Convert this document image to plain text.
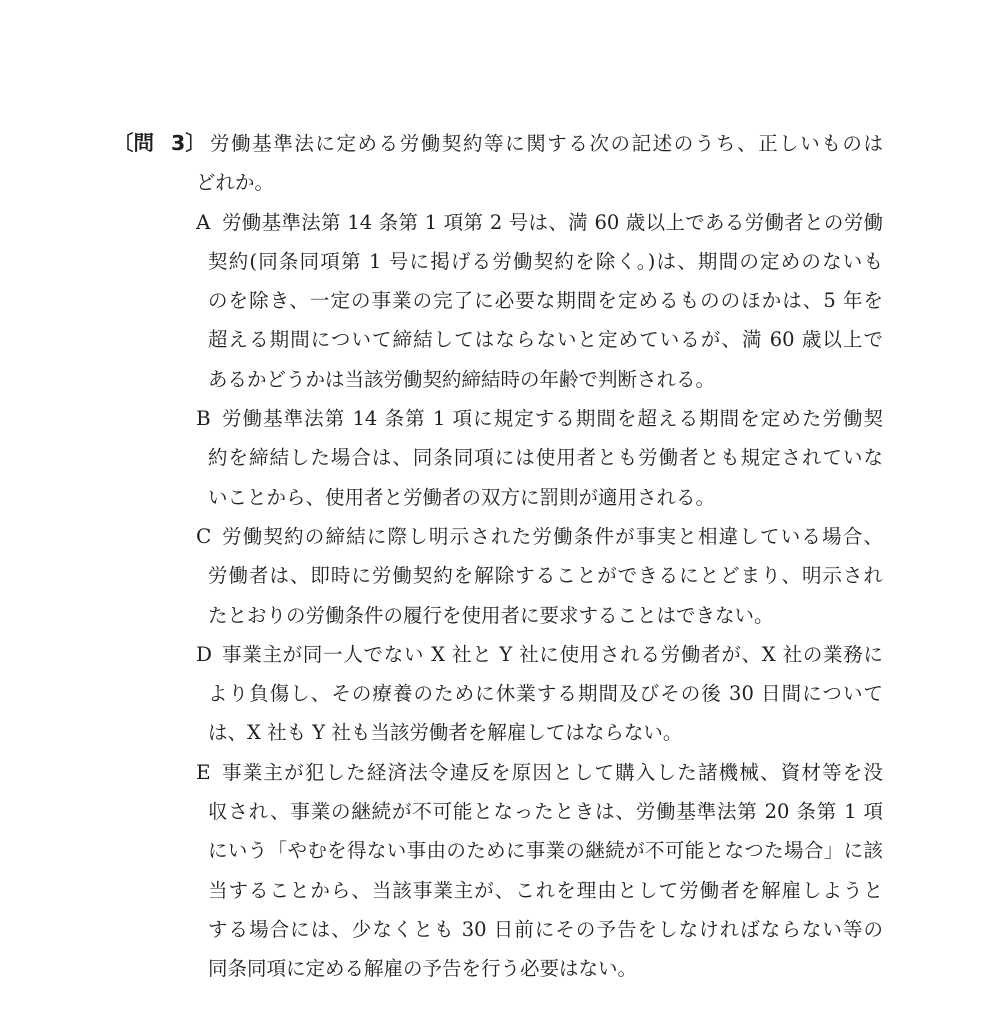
〔問 3〕 労働基準法に定める労働契約等に関する次の記述のうち、正しいものは
どれか。
A 労働基準法第 14 条第 1 項第 2 号は、満 60 歳以上である労働者との労働
契約(同条同項第 1 号に掲げる労働契約を除く。)は、期間の定めのないも
のを除き、一定の事業の完了に必要な期間を定めるもののほかは、5 年を
超える期間について締結してはならないと定めているが、満 60 歳以上で
あるかどうかは当該労働契約締結時の年齢で判断される。
B 労働基準法第 14 条第 1 項に規定する期間を超える期間を定めた労働契
約を締結した場合は、同条同項には使用者とも労働者とも規定されていな
いことから、使用者と労働者の双方に罰則が適用される。
C 労働契約の締結に際し明示された労働条件が事実と相違している場合、
労働者は、即時に労働契約を解除することができるにとどまり、明示され
たとおりの労働条件の履行を使用者に要求することはできない。
D 事業主が同一人でない X 社と Y 社に使用される労働者が、X 社の業務に
より負傷し、その療養のために休業する期間及びその後 30 日間について
は、X 社も Y 社も当該労働者を解雇してはならない。
E 事業主が犯した経済法令違反を原因として購入した諸機械、資材等を没
収され、事業の継続が不可能となったときは、労働基準法第 20 条第 1 項
にいう「やむを得ない事由のために事業の継続が不可能となつた場合」に該
当することから、当該事業主が、これを理由として労働者を解雇しようと
する場合には、少なくとも 30 日前にその予告をしなければならない等の
同条同項に定める解雇の予告を行う必要はない。
